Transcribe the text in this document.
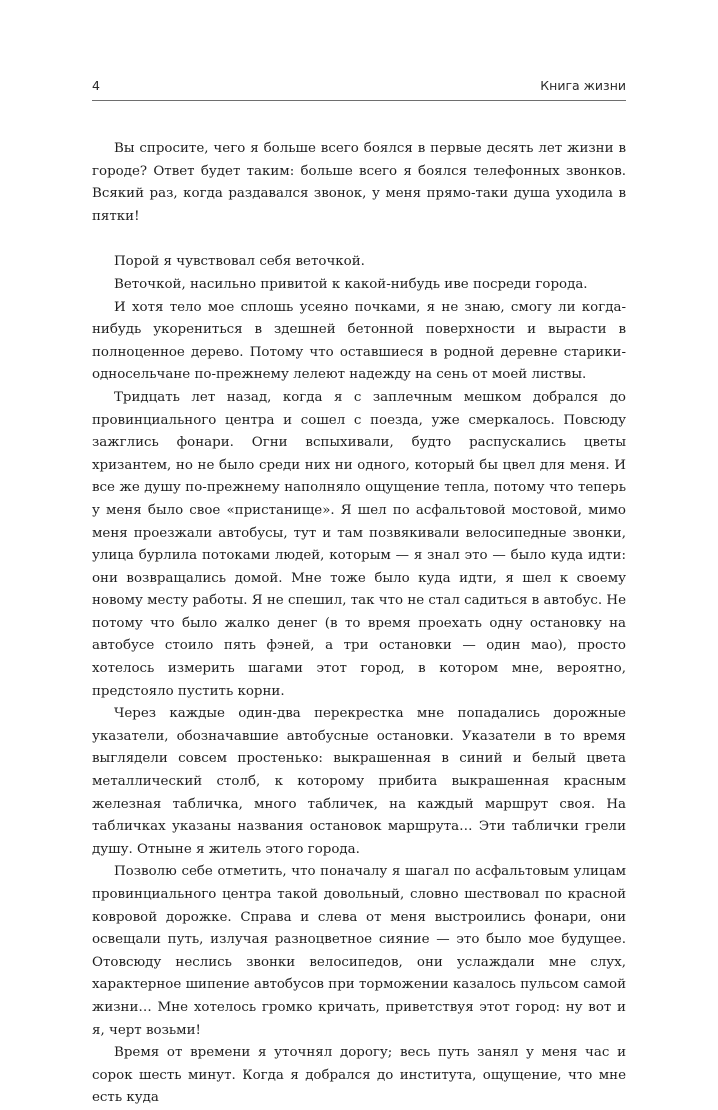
4	Книга жизни

Вы спросите, чего я больше всего боялся в первые десять лет жизни в городе? Ответ будет таким: больше всего я боялся телефонных звонков. Всякий раз, когда раздавался звонок, у меня прямо-таки душа уходила в пятки!

Порой я чувствовал себя веточкой.

Веточкой, насильно привитой к какой-нибудь иве посреди города.

И хотя тело мое сплошь усеяно почками, я не знаю, смогу ли когда-нибудь укорениться в здешней бетонной поверхности и вырасти в полноценное дерево. Потому что оставшиеся в родной деревне старики-односельчане по-прежнему лелеют надежду на сень от моей листвы.

Тридцать лет назад, когда я с заплечным мешком добрался до провинциального центра и сошел с поезда, уже смеркалось. Повсюду зажглись фонари. Огни вспыхивали, будто распускались цветы хризантем, но не было среди них ни одного, который бы цвел для меня. И все же душу по-прежнему наполняло ощущение тепла, потому что теперь у меня было свое «пристанище». Я шел по асфальтовой мостовой, мимо меня проезжали автобусы, тут и там позвякивали велосипедные звонки, улица бурлила потоками людей, которым — я знал это — было куда идти: они возвращались домой. Мне тоже было куда идти, я шел к своему новому месту работы. Я не спешил, так что не стал садиться в автобус. Не потому что было жалко денег (в то время проехать одну остановку на автобусе стоило пять фэней, а три остановки — один мао), просто хотелось измерить шагами этот город, в котором мне, вероятно, предстояло пустить корни.

Через каждые один-два перекрестка мне попадались дорожные указатели, обозначавшие автобусные остановки. Указатели в то время выглядели совсем простенько: выкрашенная в синий и белый цвета металлический столб, к которому прибита выкрашенная красным железная табличка, много табличек, на каждый маршрут своя. На табличках указаны названия остановок маршрута… Эти таблички грели душу. Отныне я житель этого города.

Позволю себе отметить, что поначалу я шагал по асфальтовым улицам провинциального центра такой довольный, словно шествовал по красной ковровой дорожке. Справа и слева от меня выстроились фонари, они освещали путь, излучая разноцветное сияние — это было мое будущее. Отовсюду неслись звонки велосипедов, они услаждали мне слух, характерное шипение автобусов при торможении казалось пульсом самой жизни… Мне хотелось громко кричать, приветствуя этот город: ну вот и я, черт возьми!

Время от времени я уточнял дорогу; весь путь занял у меня час и сорок шесть минут. Когда я добрался до института, ощущение, что мне есть куда
